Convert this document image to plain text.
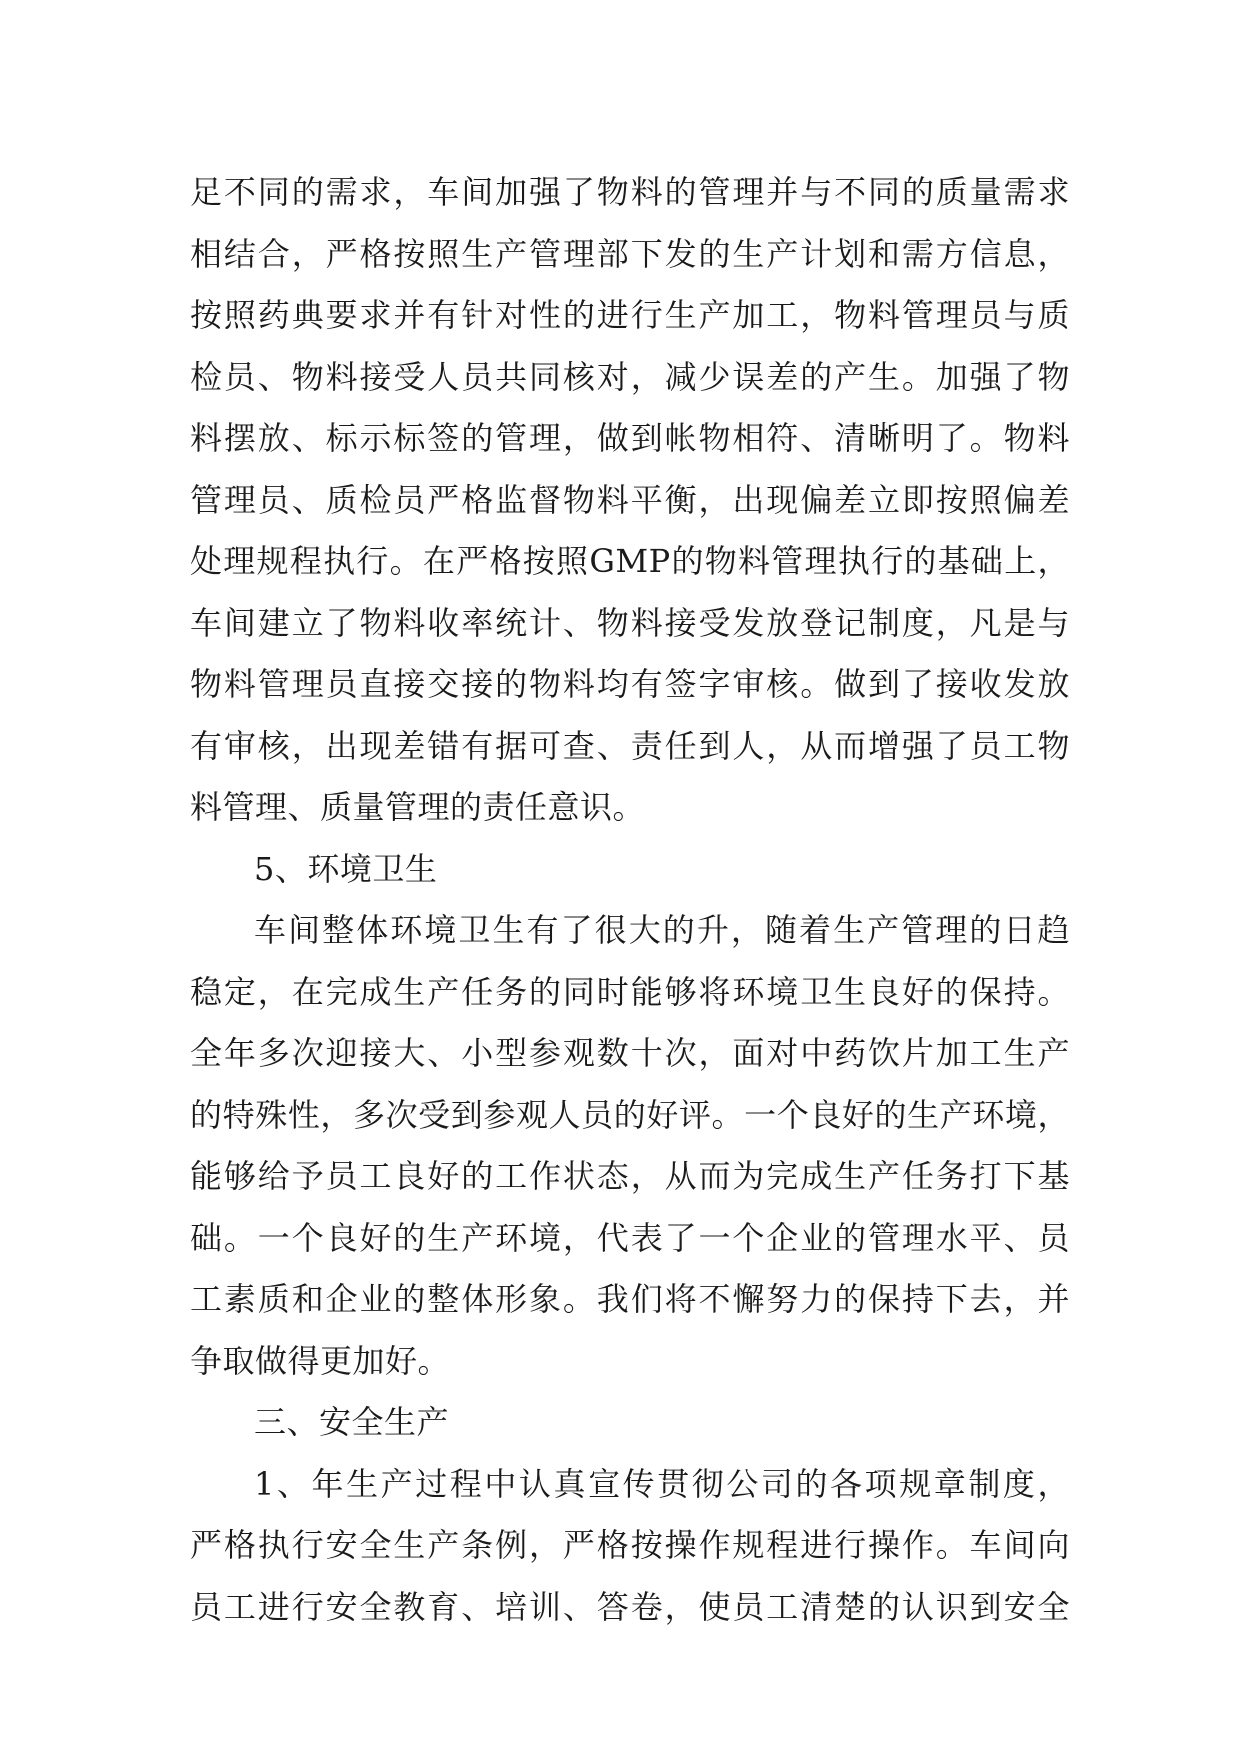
足不同的需求，车间加强了物料的管理并与不同的质量需求
相结合，严格按照生产管理部下发的生产计划和需方信息，
按照药典要求并有针对性的进行生产加工，物料管理员与质
检员、物料接受人员共同核对，减少误差的产生。加强了物
料摆放、标示标签的管理，做到帐物相符、清晰明了。物料
管理员、质检员严格监督物料平衡，出现偏差立即按照偏差
处理规程执行。在严格按照GMP的物料管理执行的基础上，
车间建立了物料收率统计、物料接受发放登记制度，凡是与
物料管理员直接交接的物料均有签字审核。做到了接收发放
有审核，出现差错有据可查、责任到人，从而增强了员工物
料管理、质量管理的责任意识。
5、环境卫生
车间整体环境卫生有了很大的升，随着生产管理的日趋
稳定，在完成生产任务的同时能够将环境卫生良好的保持。
全年多次迎接大、小型参观数十次，面对中药饮片加工生产
的特殊性，多次受到参观人员的好评。一个良好的生产环境，
能够给予员工良好的工作状态，从而为完成生产任务打下基
础。一个良好的生产环境，代表了一个企业的管理水平、员
工素质和企业的整体形象。我们将不懈努力的保持下去，并
争取做得更加好。
三、安全生产
1、年生产过程中认真宣传贯彻公司的各项规章制度，
严格执行安全生产条例，严格按操作规程进行操作。车间向
员工进行安全教育、培训、答卷，使员工清楚的认识到安全
